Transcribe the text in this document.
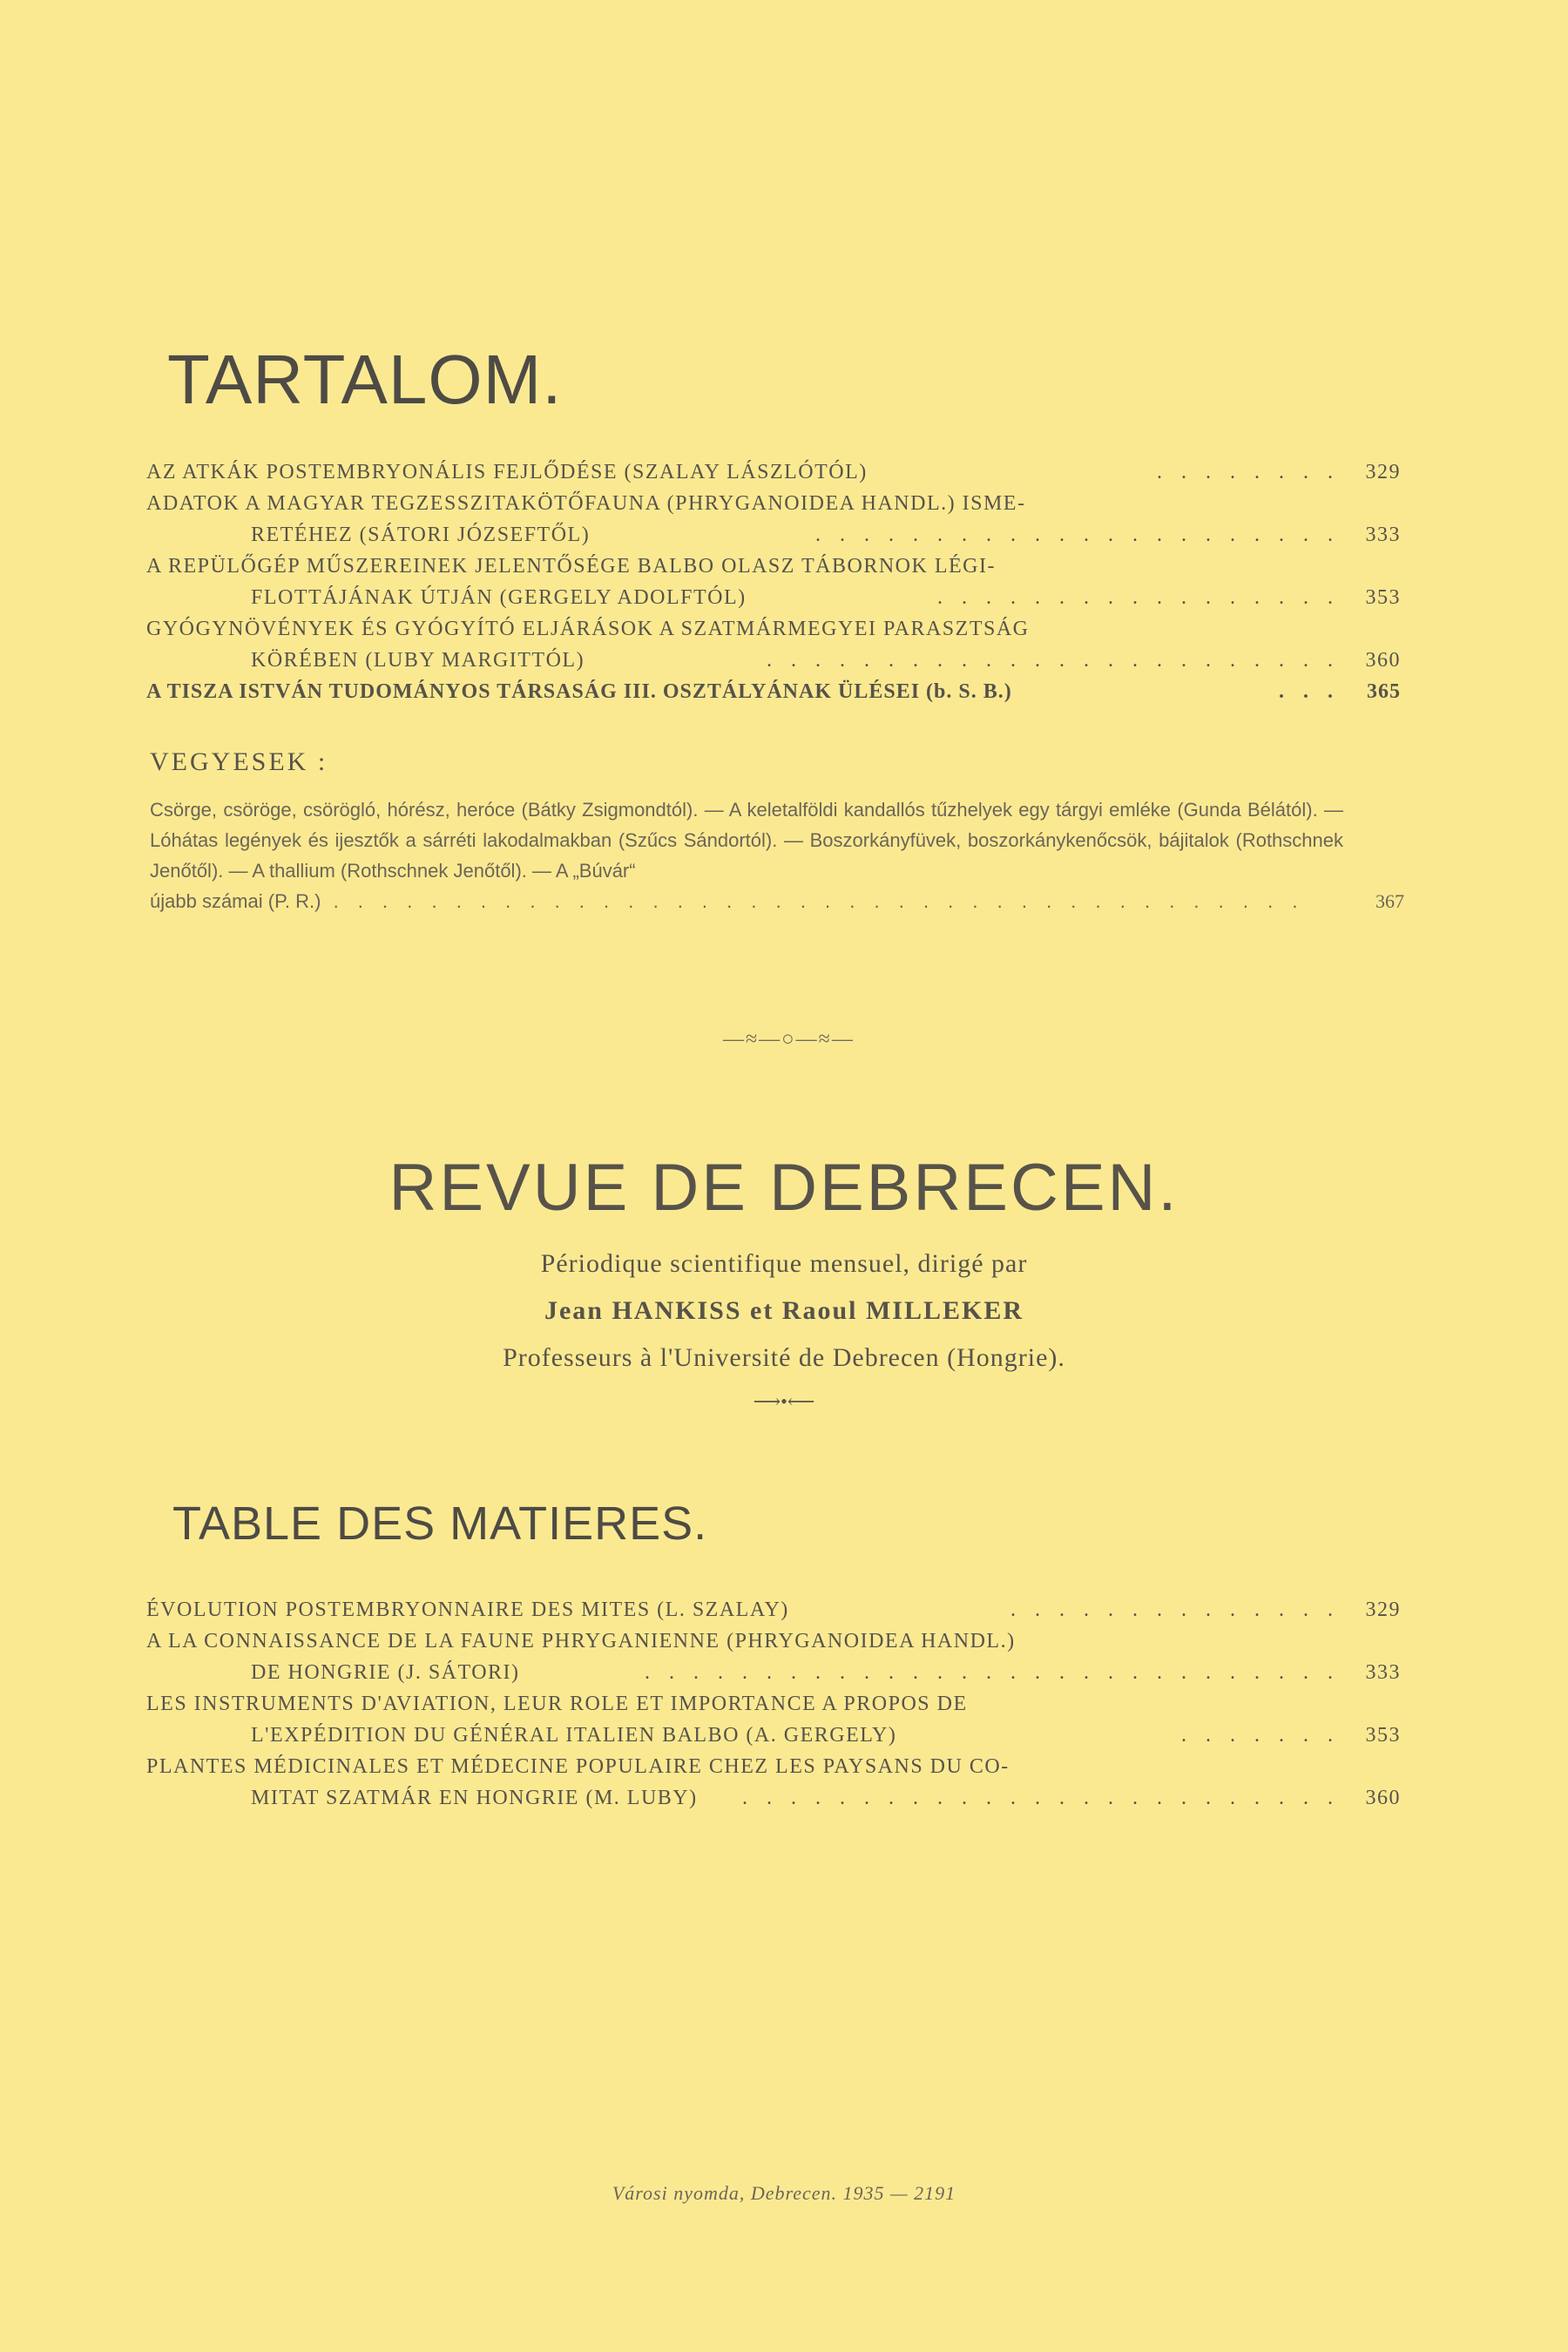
TARTALOM.
AZ ATKÁK POSTEMBRYONÁLIS FEJLŐDÉSE (SZALAY LÁSZLÓTÓL)	. . . . . . . .	329
ADATOK A MAGYAR TEGZESSZITAKÖTŐFAUNA (PHRYGANOIDEA HANDL.) ISME-
RETÉHEZ (SÁTORI JÓZSEFTŐL)	. . . . . . . . . . . . . . . . . . . . . .	333
A REPÜLŐGÉP MŰSZEREINEK JELENTŐSÉGE BALBO OLASZ TÁBORNOK LÉGI-
FLOTTÁJÁNAK ÚTJÁN (GERGELY ADOLFTÓL)	. . . . . . . . . . . . . . . . .	353
GYÓGYNÖVÉNYEK ÉS GYÓGYÍTÓ ELJÁRÁSOK A SZATMÁRMEGYEI PARASZTSÁG
KÖRÉBEN (LUBY MARGITTÓL)	. . . . . . . . . . . . . . . . . . . . . . . .	360
A TISZA ISTVÁN TUDOMÁNYOS TÁRSASÁG III. OSZTÁLYÁNAK ÜLÉSEI (b. S. B.)	. . .	365
VEGYESEK :
Csörge, csöröge, csörögló, hórész, heróce (Bátky Zsigmondtól). — A keletalföldi kandallós tűzhelyek egy tárgyi emléke (Gunda Bélától). — Lóhátas legények és ijesztők a sárréti lakodalmakban (Szűcs Sándortól). — Boszorkányfüvek, boszorkánykenőcsök, bájitalok (Rothschnek Jenőtől). — A thallium (Rothschnek Jenőtől). — A „Búvár“
újabb számai (P. R.) . . . . . . . . . . . . . . . . . . . . . . . . . . . . . . . . . . . . . . . .	367
—≈—○—≈—
REVUE DE DEBRECEN.
Périodique scientifique mensuel, dirigé par
Jean HANKISS et Raoul MILLEKER
Professeurs à l'Université de Debrecen (Hongrie).
⟶•⟵
TABLE DES MATIERES.
ÉVOLUTION POSTEMBRYONNAIRE DES MITES (L. SZALAY)	. . . . . . . . . . . . . .	329
A LA CONNAISSANCE DE LA FAUNE PHRYGANIENNE (PHRYGANOIDEA HANDL.)
DE HONGRIE (J. SÁTORI)	. . . . . . . . . . . . . . . . . . . . . . . . . . . . .	333
LES INSTRUMENTS D'AVIATION, LEUR ROLE ET IMPORTANCE A PROPOS DE
L'EXPÉDITION DU GÉNÉRAL ITALIEN BALBO (A. GERGELY)	. . . . . . .	353
PLANTES MÉDICINALES ET MÉDECINE POPULAIRE CHEZ LES PAYSANS DU CO-
MITAT SZATMÁR EN HONGRIE (M. LUBY) . . . . . . . . . . . . . . . . . . . . . . . . .	360
Városi nyomda, Debrecen. 1935 — 2191
